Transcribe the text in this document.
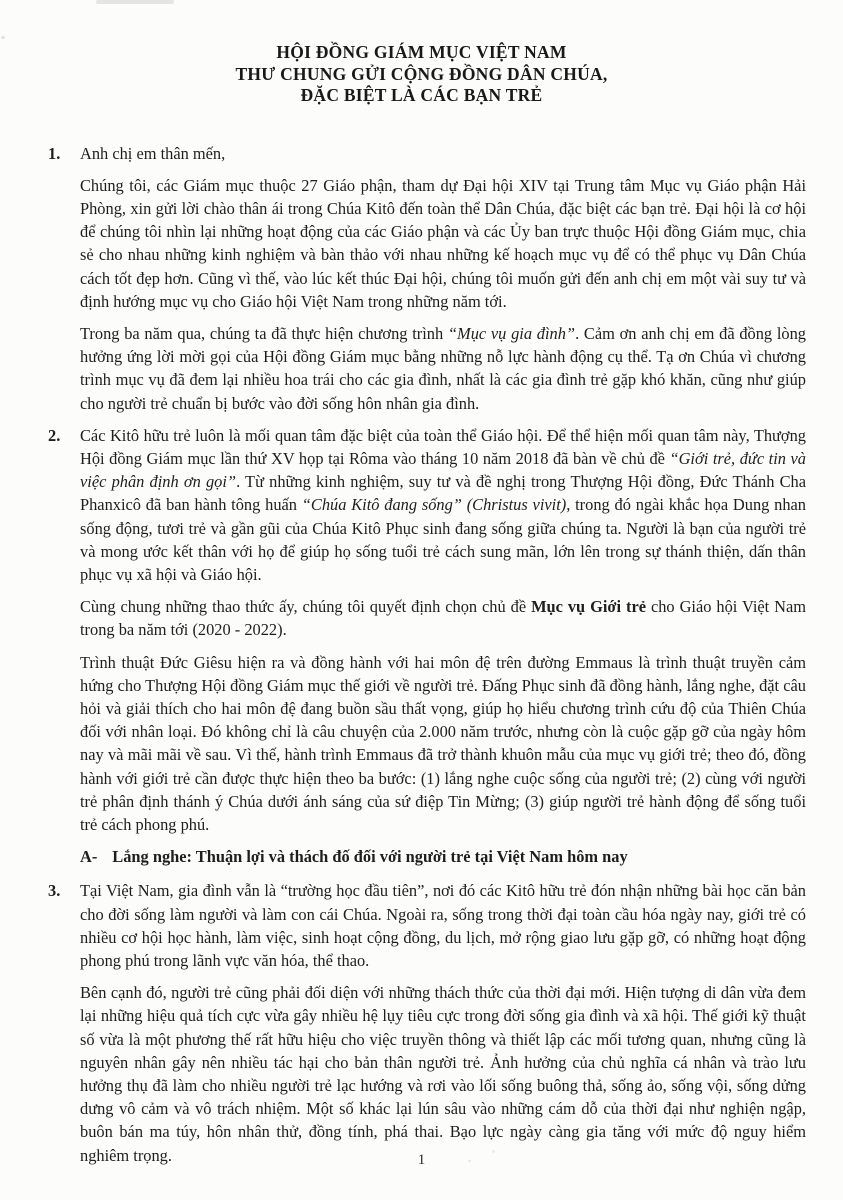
HỘI ĐỒNG GIÁM MỤC VIỆT NAM
THƯ CHUNG GỬI CỘNG ĐỒNG DÂN CHÚA,
ĐẶC BIỆT LÀ CÁC BẠN TRẺ
1. Anh chị em thân mến,
Chúng tôi, các Giám mục thuộc 27 Giáo phận, tham dự Đại hội XIV tại Trung tâm Mục vụ Giáo phận Hải Phòng, xin gửi lời chào thân ái trong Chúa Kitô đến toàn thể Dân Chúa, đặc biệt các bạn trẻ. Đại hội là cơ hội để chúng tôi nhìn lại những hoạt động của các Giáo phận và các Ủy ban trực thuộc Hội đồng Giám mục, chia sẻ cho nhau những kinh nghiệm và bàn thảo với nhau những kế hoạch mục vụ để có thể phục vụ Dân Chúa cách tốt đẹp hơn. Cũng vì thế, vào lúc kết thúc Đại hội, chúng tôi muốn gửi đến anh chị em một vài suy tư và định hướng mục vụ cho Giáo hội Việt Nam trong những năm tới.
Trong ba năm qua, chúng ta đã thực hiện chương trình “Mục vụ gia đình”. Cảm ơn anh chị em đã đồng lòng hưởng ứng lời mời gọi của Hội đồng Giám mục bằng những nỗ lực hành động cụ thể. Tạ ơn Chúa vì chương trình mục vụ đã đem lại nhiều hoa trái cho các gia đình, nhất là các gia đình trẻ gặp khó khăn, cũng như giúp cho người trẻ chuẩn bị bước vào đời sống hôn nhân gia đình.
2. Các Kitô hữu trẻ luôn là mối quan tâm đặc biệt của toàn thể Giáo hội. Để thể hiện mối quan tâm này, Thượng Hội đồng Giám mục lần thứ XV họp tại Rôma vào tháng 10 năm 2018 đã bàn về chủ đề “Giới trẻ, đức tin và việc phân định ơn gọi”. Từ những kinh nghiệm, suy tư và đề nghị trong Thượng Hội đồng, Đức Thánh Cha Phanxicô đã ban hành tông huấn “Chúa Kitô đang sống” (Christus vivit), trong đó ngài khắc họa Dung nhan sống động, tươi trẻ và gần gũi của Chúa Kitô Phục sinh đang sống giữa chúng ta. Người là bạn của người trẻ và mong ước kết thân với họ để giúp họ sống tuổi trẻ cách sung mãn, lớn lên trong sự thánh thiện, dấn thân phục vụ xã hội và Giáo hội.
Cùng chung những thao thức ấy, chúng tôi quyết định chọn chủ đề Mục vụ Giới trẻ cho Giáo hội Việt Nam trong ba năm tới (2020 - 2022).
Trình thuật Đức Giêsu hiện ra và đồng hành với hai môn đệ trên đường Emmaus là trình thuật truyền cảm hứng cho Thượng Hội đồng Giám mục thế giới về người trẻ. Đấng Phục sinh đã đồng hành, lắng nghe, đặt câu hỏi và giải thích cho hai môn đệ đang buồn sầu thất vọng, giúp họ hiểu chương trình cứu độ của Thiên Chúa đối với nhân loại. Đó không chỉ là câu chuyện của 2.000 năm trước, nhưng còn là cuộc gặp gỡ của ngày hôm nay và mãi mãi về sau. Vì thế, hành trình Emmaus đã trở thành khuôn mẫu của mục vụ giới trẻ; theo đó, đồng hành với giới trẻ cần được thực hiện theo ba bước: (1) lắng nghe cuộc sống của người trẻ; (2) cùng với người trẻ phân định thánh ý Chúa dưới ánh sáng của sứ điệp Tin Mừng; (3) giúp người trẻ hành động để sống tuổi trẻ cách phong phú.
A- Lắng nghe: Thuận lợi và thách đố đối với người trẻ tại Việt Nam hôm nay
3. Tại Việt Nam, gia đình vẫn là “trường học đầu tiên”, nơi đó các Kitô hữu trẻ đón nhận những bài học căn bản cho đời sống làm người và làm con cái Chúa. Ngoài ra, sống trong thời đại toàn cầu hóa ngày nay, giới trẻ có nhiều cơ hội học hành, làm việc, sinh hoạt cộng đồng, du lịch, mở rộng giao lưu gặp gỡ, có những hoạt động phong phú trong lãnh vực văn hóa, thể thao.
Bên cạnh đó, người trẻ cũng phải đối diện với những thách thức của thời đại mới. Hiện tượng di dân vừa đem lại những hiệu quả tích cực vừa gây nhiều hệ lụy tiêu cực trong đời sống gia đình và xã hội. Thế giới kỹ thuật số vừa là một phương thế rất hữu hiệu cho việc truyền thông và thiết lập các mối tương quan, nhưng cũng là nguyên nhân gây nên nhiều tác hại cho bản thân người trẻ. Ảnh hưởng của chủ nghĩa cá nhân và trào lưu hưởng thụ đã làm cho nhiều người trẻ lạc hướng và rơi vào lối sống buông thả, sống ảo, sống vội, sống dửng dưng vô cảm và vô trách nhiệm. Một số khác lại lún sâu vào những cám dỗ của thời đại như nghiện ngập, buôn bán ma túy, hôn nhân thử, đồng tính, phá thai. Bạo lực ngày càng gia tăng với mức độ nguy hiểm nghiêm trọng.	1
